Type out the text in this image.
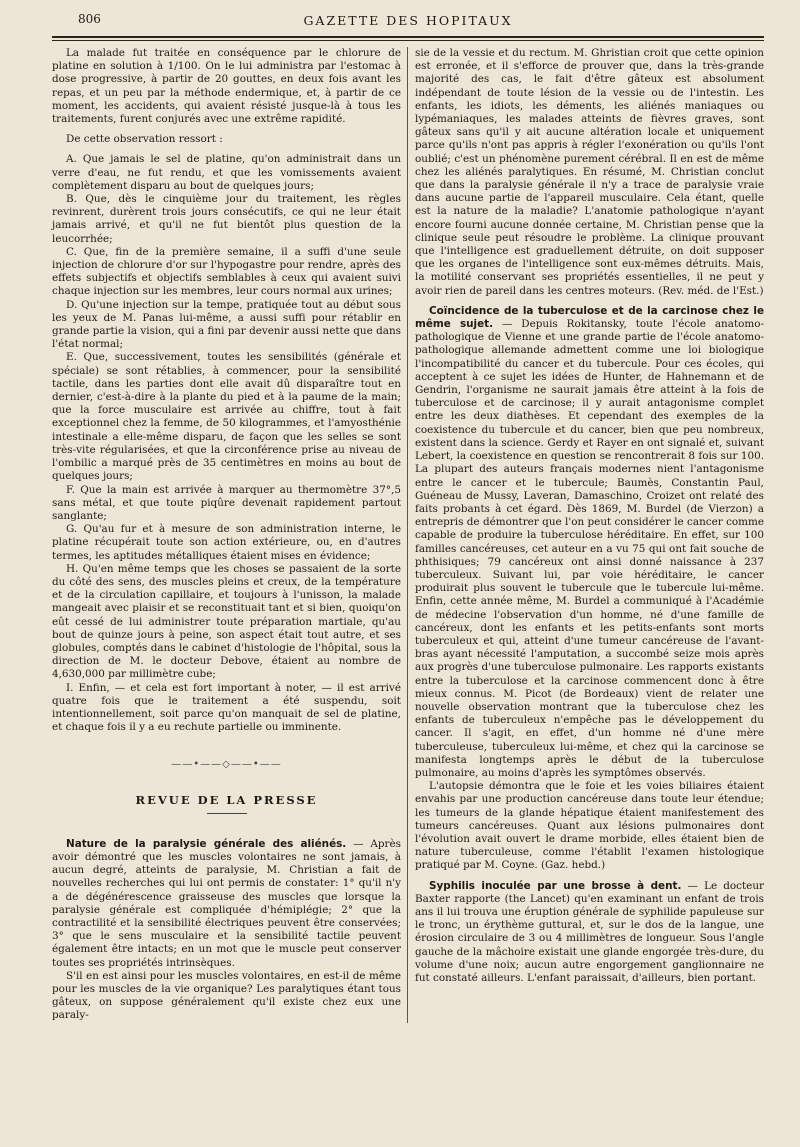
806	GAZETTE DES HOPITAUX

La malade fut traitée en conséquence par le chlorure de platine en solution à 1/100. On le lui administra par l'estomac à dose progressive, à partir de 20 gouttes, en deux fois avant les repas, et un peu par la méthode endermique, et, à partir de ce moment, les accidents, qui avaient résisté jusque-là à tous les traitements, furent conjurés avec une extrême rapidité.

De cette observation ressort :

A. Que jamais le sel de platine, qu'on administrait dans un verre d'eau, ne fut rendu, et que les vomissements avaient complètement disparu au bout de quelques jours;

B. Que, dès le cinquième jour du traitement, les règles revinrent, durèrent trois jours consécutifs, ce qui ne leur était jamais arrivé, et qu'il ne fut bientôt plus question de la leucorrhée;

C. Que, fin de la première semaine, il a suffi d'une seule injection de chlorure d'or sur l'hypogastre pour rendre, après des effets subjectifs et objectifs semblables à ceux qui avaient suivi chaque injection sur les membres, leur cours normal aux urines;

D. Qu'une injection sur la tempe, pratiquée tout au début sous les yeux de M. Panas lui-même, a aussi suffi pour rétablir en grande partie la vision, qui a fini par devenir aussi nette que dans l'état normal;

E. Que, successivement, toutes les sensibilités (générale et spéciale) se sont rétablies, à commencer, pour la sensibilité tactile, dans les parties dont elle avait dû disparaître tout en dernier, c'est-à-dire à la plante du pied et à la paume de la main; que la force musculaire est arrivée au chiffre, tout à fait exceptionnel chez la femme, de 50 kilogrammes, et l'amyosthénie intestinale a elle-même disparu, de façon que les selles se sont très-vite régularisées, et que la circonférence prise au niveau de l'ombilic a marqué près de 35 centimètres en moins au bout de quelques jours;

F. Que la main est arrivée à marquer au thermomètre 37°,5 sans métal, et que toute piqûre devenait rapidement partout sanglante;

G. Qu'au fur et à mesure de son administration interne, le platine récupérait toute son action extérieure, ou, en d'autres termes, les aptitudes métalliques étaient mises en évidence;

H. Qu'en même temps que les choses se passaient de la sorte du côté des sens, des muscles pleins et creux, de la température et de la circulation capillaire, et toujours à l'unisson, la malade mangeait avec plaisir et se reconstituait tant et si bien, quoiqu'on eût cessé de lui administrer toute préparation martiale, qu'au bout de quinze jours à peine, son aspect était tout autre, et ses globules, comptés dans le cabinet d'histologie de l'hôpital, sous la direction de M. le docteur Debove, étaient au nombre de 4,630,000 par millimètre cube;

I. Enfin, — et cela est fort important à noter, — il est arrivé quatre fois que le traitement a été suspendu, soit intentionnellement, soit parce qu'on manquait de sel de platine, et chaque fois il y a eu rechute partielle ou imminente.

——•——◇——•——
REVUE DE LA PRESSE

Nature de la paralysie générale des aliénés. — Après avoir démontré que les muscles volontaires ne sont jamais, à aucun degré, atteints de paralysie, M. Christian a fait de nouvelles recherches qui lui ont permis de constater: 1° qu'il n'y a de dégénérescence graisseuse des muscles que lorsque la paralysie générale est compliquée d'hémiplégie; 2° que la contractilité et la sensibilité électriques peuvent être conservées; 3° que le sens musculaire et la sensibilité tactile peuvent également être intacts; en un mot que le muscle peut conserver toutes ses propriétés intrinsèques.

S'il en est ainsi pour les muscles volontaires, en est-il de même pour les muscles de la vie organique? Les paralytiques étant tous gâteux, on suppose généralement qu'il existe chez eux une paraly-

sie de la vessie et du rectum. M. Ghristian croit que cette opinion est erronée, et il s'efforce de prouver que, dans la très-grande majorité des cas, le fait d'être gâteux est absolument indépendant de toute lésion de la vessie ou de l'intestin. Les enfants, les idiots, les déments, les aliénés maniaques ou lypémaniaques, les malades atteints de fièvres graves, sont gâteux sans qu'il y ait aucune altération locale et uniquement parce qu'ils n'ont pas appris à régler l'exonération ou qu'ils l'ont oublié; c'est un phénomène purement cérébral. Il en est de même chez les aliénés paralytiques. En résumé, M. Christian conclut que dans la paralysie générale il n'y a trace de paralysie vraie dans aucune partie de l'appareil musculaire. Cela étant, quelle est la nature de la maladie? L'anatomie pathologique n'ayant encore fourni aucune donnée certaine, M. Christian pense que la clinique seule peut résoudre le problème. La clinique prouvant que l'intelligence est graduellement détruite, on doit supposer que les organes de l'intelligence sont eux-mêmes détruits. Mais, la motilité conservant ses propriétés essentielles, il ne peut y avoir rien de pareil dans les centres moteurs. (Rev. méd. de l'Est.)

Coïncidence de la tuberculose et de la carcinose chez le même sujet. — Depuis Rokitansky, toute l'école anatomo-pathologique de Vienne et une grande partie de l'école anatomo-pathologique allemande admettent comme une loi biologique l'incompatibilité du cancer et du tubercule. Pour ces écoles, qui acceptent à ce sujet les idées de Hunter, de Hahnemann et de Gendrin, l'organisme ne saurait jamais être atteint à la fois de tuberculose et de carcinose; il y aurait antagonisme complet entre les deux diathèses. Et cependant des exemples de la coexistence du tubercule et du cancer, bien que peu nombreux, existent dans la science. Gerdy et Rayer en ont signalé et, suivant Lebert, la coexistence en question se rencontrerait 8 fois sur 100. La plupart des auteurs français modernes nient l'antagonisme entre le cancer et le tubercule; Baumès, Constantin Paul, Guéneau de Mussy, Laveran, Damaschino, Croizet ont relaté des faits probants à cet égard. Dès 1869, M. Burdel (de Vierzon) a entrepris de démontrer que l'on peut considérer le cancer comme capable de produire la tuberculose héréditaire. En effet, sur 100 familles cancéreuses, cet auteur en a vu 75 qui ont fait souche de phthisiques; 79 cancéreux ont ainsi donné naissance à 237 tuberculeux. Suivant lui, par voie héréditaire, le cancer produirait plus souvent le tubercule que le tubercule lui-même. Enfin, cette année même, M. Burdel a communiqué à l'Académie de médecine l'observation d'un homme, né d'une famille de cancéreux, dont les enfants et les petits-enfants sont morts tuberculeux et qui, atteint d'une tumeur cancéreuse de l'avant-bras ayant nécessité l'amputation, a succombé seize mois après aux progrès d'une tuberculose pulmonaire. Les rapports existants entre la tuberculose et la carcinose commencent donc à être mieux connus. M. Picot (de Bordeaux) vient de relater une nouvelle observation montrant que la tuberculose chez les enfants de tuberculeux n'empêche pas le développement du cancer. Il s'agit, en effet, d'un homme né d'une mère tuberculeuse, tuberculeux lui-même, et chez qui la carcinose se manifesta longtemps après le début de la tuberculose pulmonaire, au moins d'après les symptômes observés.

L'autopsie démontra que le foie et les voies biliaires étaient envahis par une production cancéreuse dans toute leur étendue; les tumeurs de la glande hépatique étaient manifestement des tumeurs cancéreuses. Quant aux lésions pulmonaires dont l'évolution avait ouvert le drame morbide, elles étaient bien de nature tuberculeuse, comme l'établit l'examen histologique pratiqué par M. Coyne. (Gaz. hebd.)

Syphilis inoculée par une brosse à dent. — Le docteur Baxter rapporte (the Lancet) qu'en examinant un enfant de trois ans il lui trouva une éruption générale de syphilide papuleuse sur le tronc, un érythème guttural, et, sur le dos de la langue, une érosion circulaire de 3 ou 4 millimètres de longueur. Sous l'angle gauche de la mâchoire existait une glande engorgée très-dure, du volume d'une noix; aucun autre engorgement ganglionnaire ne fut constaté ailleurs. L'enfant paraissait, d'ailleurs, bien portant.
